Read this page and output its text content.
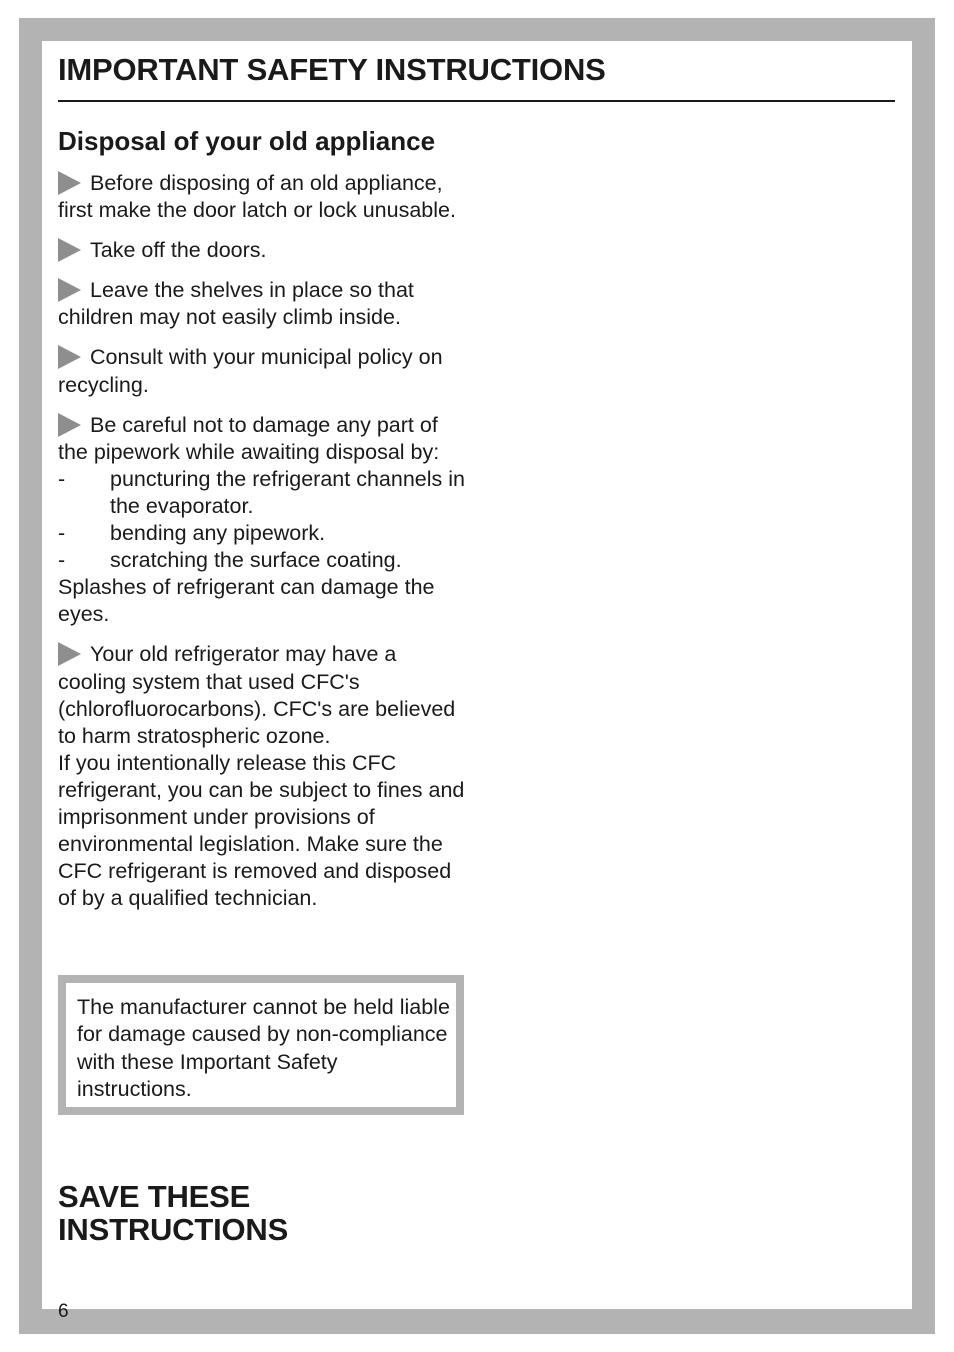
IMPORTANT SAFETY INSTRUCTIONS
Disposal of your old appliance

Before disposing of an old appliance, first make the door latch or lock unusable.

Take off the doors.

Leave the shelves in place so that children may not easily climb inside.

Consult with your municipal policy on recycling.

Be careful not to damage any part of the pipework while awaiting disposal by:
-	puncturing the refrigerant channels in the evaporator.
-	bending any pipework.
-	scratching the surface coating.
Splashes of refrigerant can damage the eyes.
Your old refrigerator may have a cooling system that used CFC's (chlorofluorocarbons). CFC's are believed to harm stratospheric ozone.
If you intentionally release this CFC refrigerant, you can be subject to fines and imprisonment under provisions of environmental legislation. Make sure the CFC refrigerant is removed and disposed of by a qualified technician.
The manufacturer cannot be held liable for damage caused by non-compliance with these Important Safety instructions.
SAVE THESE
INSTRUCTIONS
6
